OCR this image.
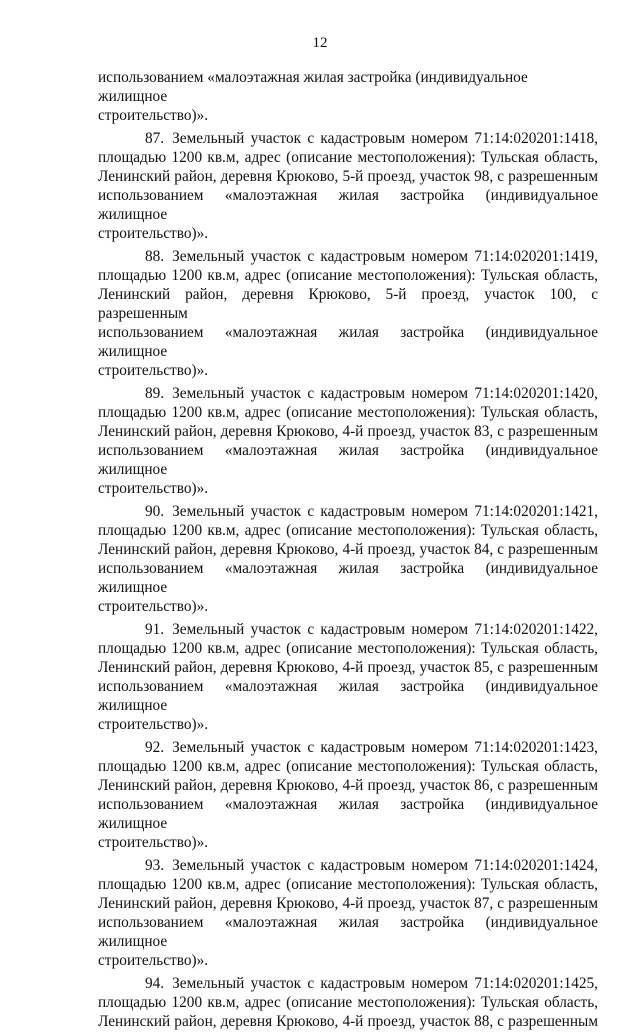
12
использованием «малоэтажная жилая застройка (индивидуальное жилищное
строительство)».

87. Земельный участок с кадастровым номером 71:14:020201:1418,

площадью 1200 кв.м, адрес (описание местоположения): Тульская область,

Ленинский район, деревня Крюково, 5-й проезд, участок 98, с разрешенным

использованием «малоэтажная жилая застройка (индивидуальное жилищное

строительство)».

88. Земельный участок с кадастровым номером 71:14:020201:1419,

площадью 1200 кв.м, адрес (описание местоположения): Тульская область,

Ленинский район, деревня Крюково, 5-й проезд, участок 100, с разрешенным

использованием «малоэтажная жилая застройка (индивидуальное жилищное

строительство)».

89. Земельный участок с кадастровым номером 71:14:020201:1420,

площадью 1200 кв.м, адрес (описание местоположения): Тульская область,

Ленинский район, деревня Крюково, 4-й проезд, участок 83, с разрешенным

использованием «малоэтажная жилая застройка (индивидуальное жилищное

строительство)».

90. Земельный участок с кадастровым номером 71:14:020201:1421,

площадью 1200 кв.м, адрес (описание местоположения): Тульская область,

Ленинский район, деревня Крюково, 4-й проезд, участок 84, с разрешенным

использованием «малоэтажная жилая застройка (индивидуальное жилищное

строительство)».

91. Земельный участок с кадастровым номером 71:14:020201:1422,

площадью 1200 кв.м, адрес (описание местоположения): Тульская область,

Ленинский район, деревня Крюково, 4-й проезд, участок 85, с разрешенным

использованием «малоэтажная жилая застройка (индивидуальное жилищное

строительство)».

92. Земельный участок с кадастровым номером 71:14:020201:1423,

площадью 1200 кв.м, адрес (описание местоположения): Тульская область,

Ленинский район, деревня Крюково, 4-й проезд, участок 86, с разрешенным

использованием «малоэтажная жилая застройка (индивидуальное жилищное

строительство)».

93. Земельный участок с кадастровым номером 71:14:020201:1424,

площадью 1200 кв.м, адрес (описание местоположения): Тульская область,

Ленинский район, деревня Крюково, 4-й проезд, участок 87, с разрешенным

использованием «малоэтажная жилая застройка (индивидуальное жилищное

строительство)».

94. Земельный участок с кадастровым номером 71:14:020201:1425,

площадью 1200 кв.м, адрес (описание местоположения): Тульская область,

Ленинский район, деревня Крюково, 4-й проезд, участок 88, с разрешенным
